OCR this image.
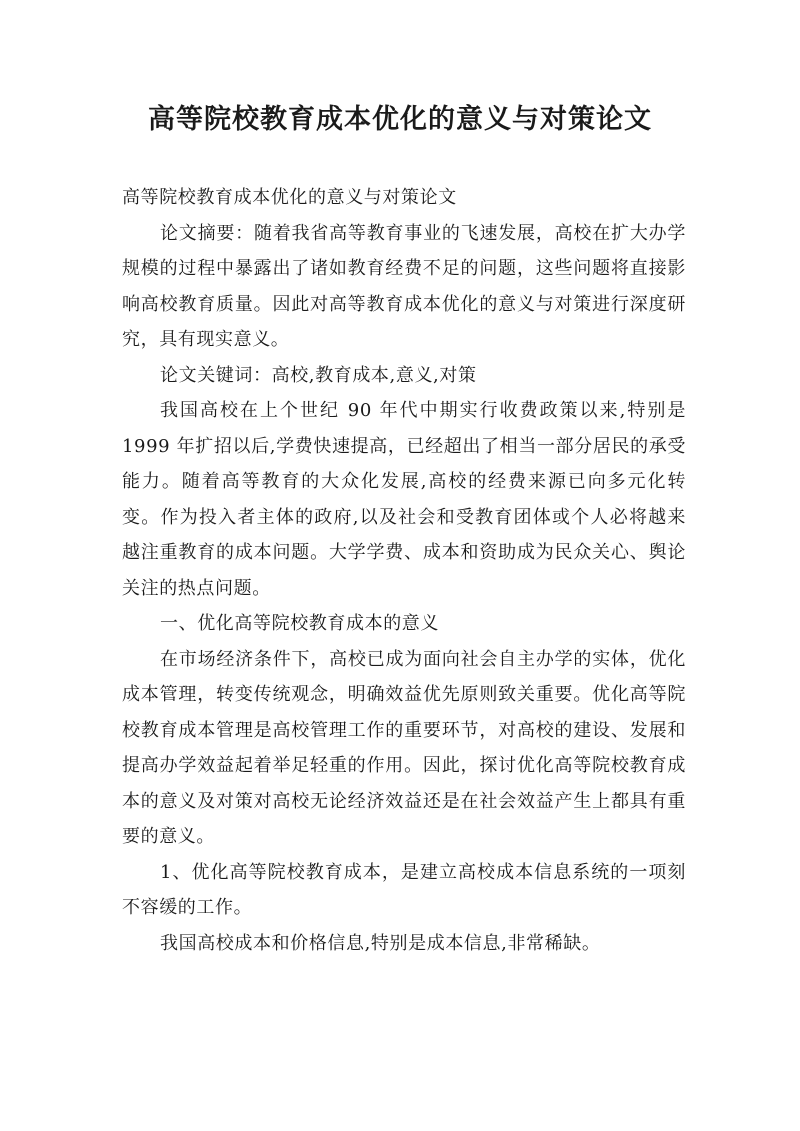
高等院校教育成本优化的意义与对策论文

高等院校教育成本优化的意义与对策论文

论文摘要：随着我省高等教育事业的飞速发展，高校在扩大办学规模的过程中暴露出了诸如教育经费不足的问题，这些问题将直接影响高校教育质量。因此对高等教育成本优化的意义与对策进行深度研究，具有现实意义。

论文关键词：高校,教育成本,意义,对策

我国高校在上个世纪 90 年代中期实行收费政策以来,特别是 1999 年扩招以后,学费快速提高，已经超出了相当一部分居民的承受能力。随着高等教育的大众化发展,高校的经费来源已向多元化转变。作为投入者主体的政府,以及社会和受教育团体或个人必将越来越注重教育的成本问题。大学学费、成本和资助成为民众关心、舆论关注的热点问题。

一、优化高等院校教育成本的意义

在市场经济条件下，高校已成为面向社会自主办学的实体，优化成本管理，转变传统观念，明确效益优先原则致关重要。优化高等院校教育成本管理是高校管理工作的重要环节，对高校的建设、发展和提高办学效益起着举足轻重的作用。因此，探讨优化高等院校教育成本的意义及对策对高校无论经济效益还是在社会效益产生上都具有重要的意义。

1、优化高等院校教育成本，是建立高校成本信息系统的一项刻不容缓的工作。

我国高校成本和价格信息,特别是成本信息,非常稀缺。
